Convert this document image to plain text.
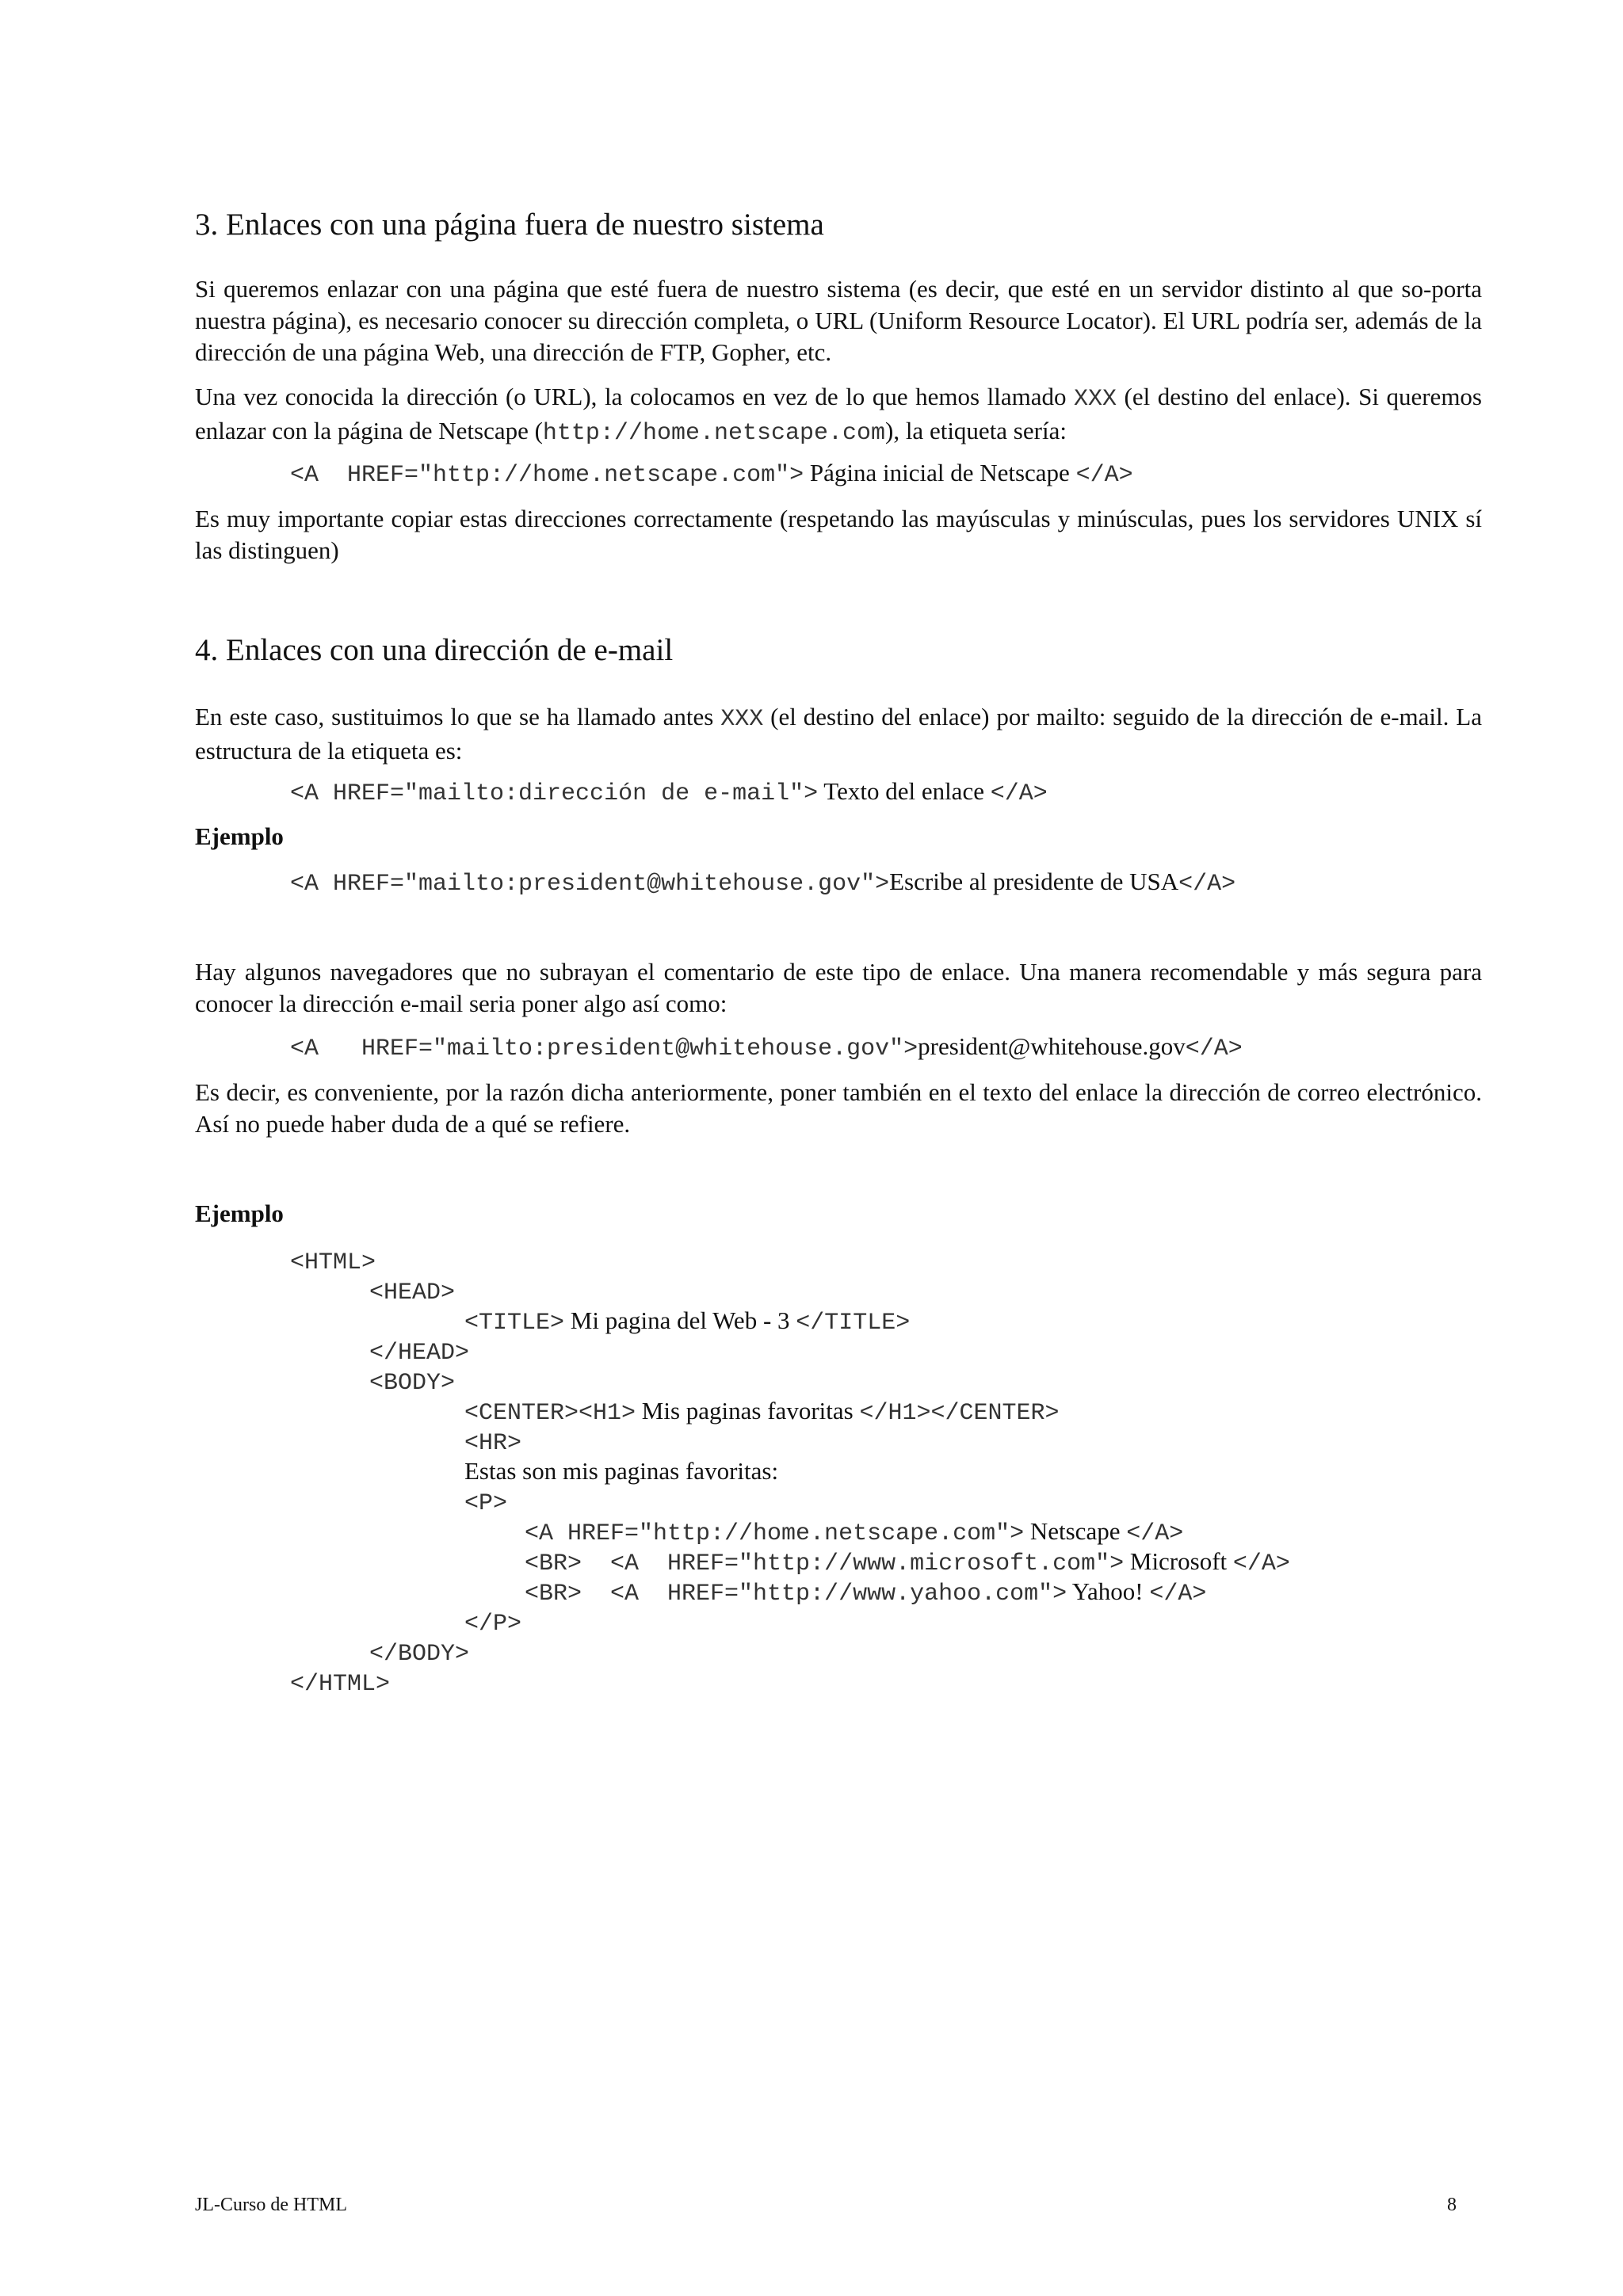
3. Enlaces con una página fuera de nuestro sistema

Si queremos enlazar con una página que esté fuera de nuestro sistema (es decir, que esté en un servidor distinto al que so-porta nuestra página), es necesario conocer su dirección completa, o URL (Uniform Resource Locator). El URL podría ser, además de la dirección de una página Web, una dirección de FTP, Gopher, etc.

Una vez conocida la dirección (o URL), la colocamos en vez de lo que hemos llamado XXX (el destino del enlace). Si queremos enlazar con la página de Netscape (http://home.netscape.com), la etiqueta sería:

<A  HREF="http://home.netscape.com"> Página inicial de Netscape </A>

Es muy importante copiar estas direcciones correctamente (respetando las mayúsculas y minúsculas, pues los servidores UNIX sí las distinguen)

4. Enlaces con una dirección de e-mail

En este caso, sustituimos lo que se ha llamado antes XXX (el destino del enlace) por mailto: seguido de la dirección de e-mail. La estructura de la etiqueta es:

<A HREF="mailto:dirección de e-mail"> Texto del enlace </A>
Ejemplo
<A HREF="mailto:president@whitehouse.gov">Escribe al presidente de USA</A>

Hay algunos navegadores que no subrayan el comentario de este tipo de enlace. Una manera recomendable y más segura para conocer la dirección e-mail seria poner algo así como:

<A   HREF="mailto:president@whitehouse.gov">president@whitehouse.gov</A>

Es decir, es conveniente, por la razón dicha anteriormente, poner también en el texto del enlace la dirección de correo electrónico. Así no puede haber duda de a qué se refiere.

Ejemplo
<HTML>
<HEAD>
<TITLE> Mi pagina del Web - 3 </TITLE>
</HEAD>
<BODY>
<CENTER><H1> Mis paginas favoritas </H1></CENTER>
<HR>
Estas son mis paginas favoritas:
<P>
<A HREF="http://home.netscape.com"> Netscape </A>
<BR>  <A  HREF="http://www.microsoft.com"> Microsoft </A>
<BR>  <A  HREF="http://www.yahoo.com"> Yahoo! </A>
</P>
</BODY>
</HTML>
JL-Curso de HTML	8
